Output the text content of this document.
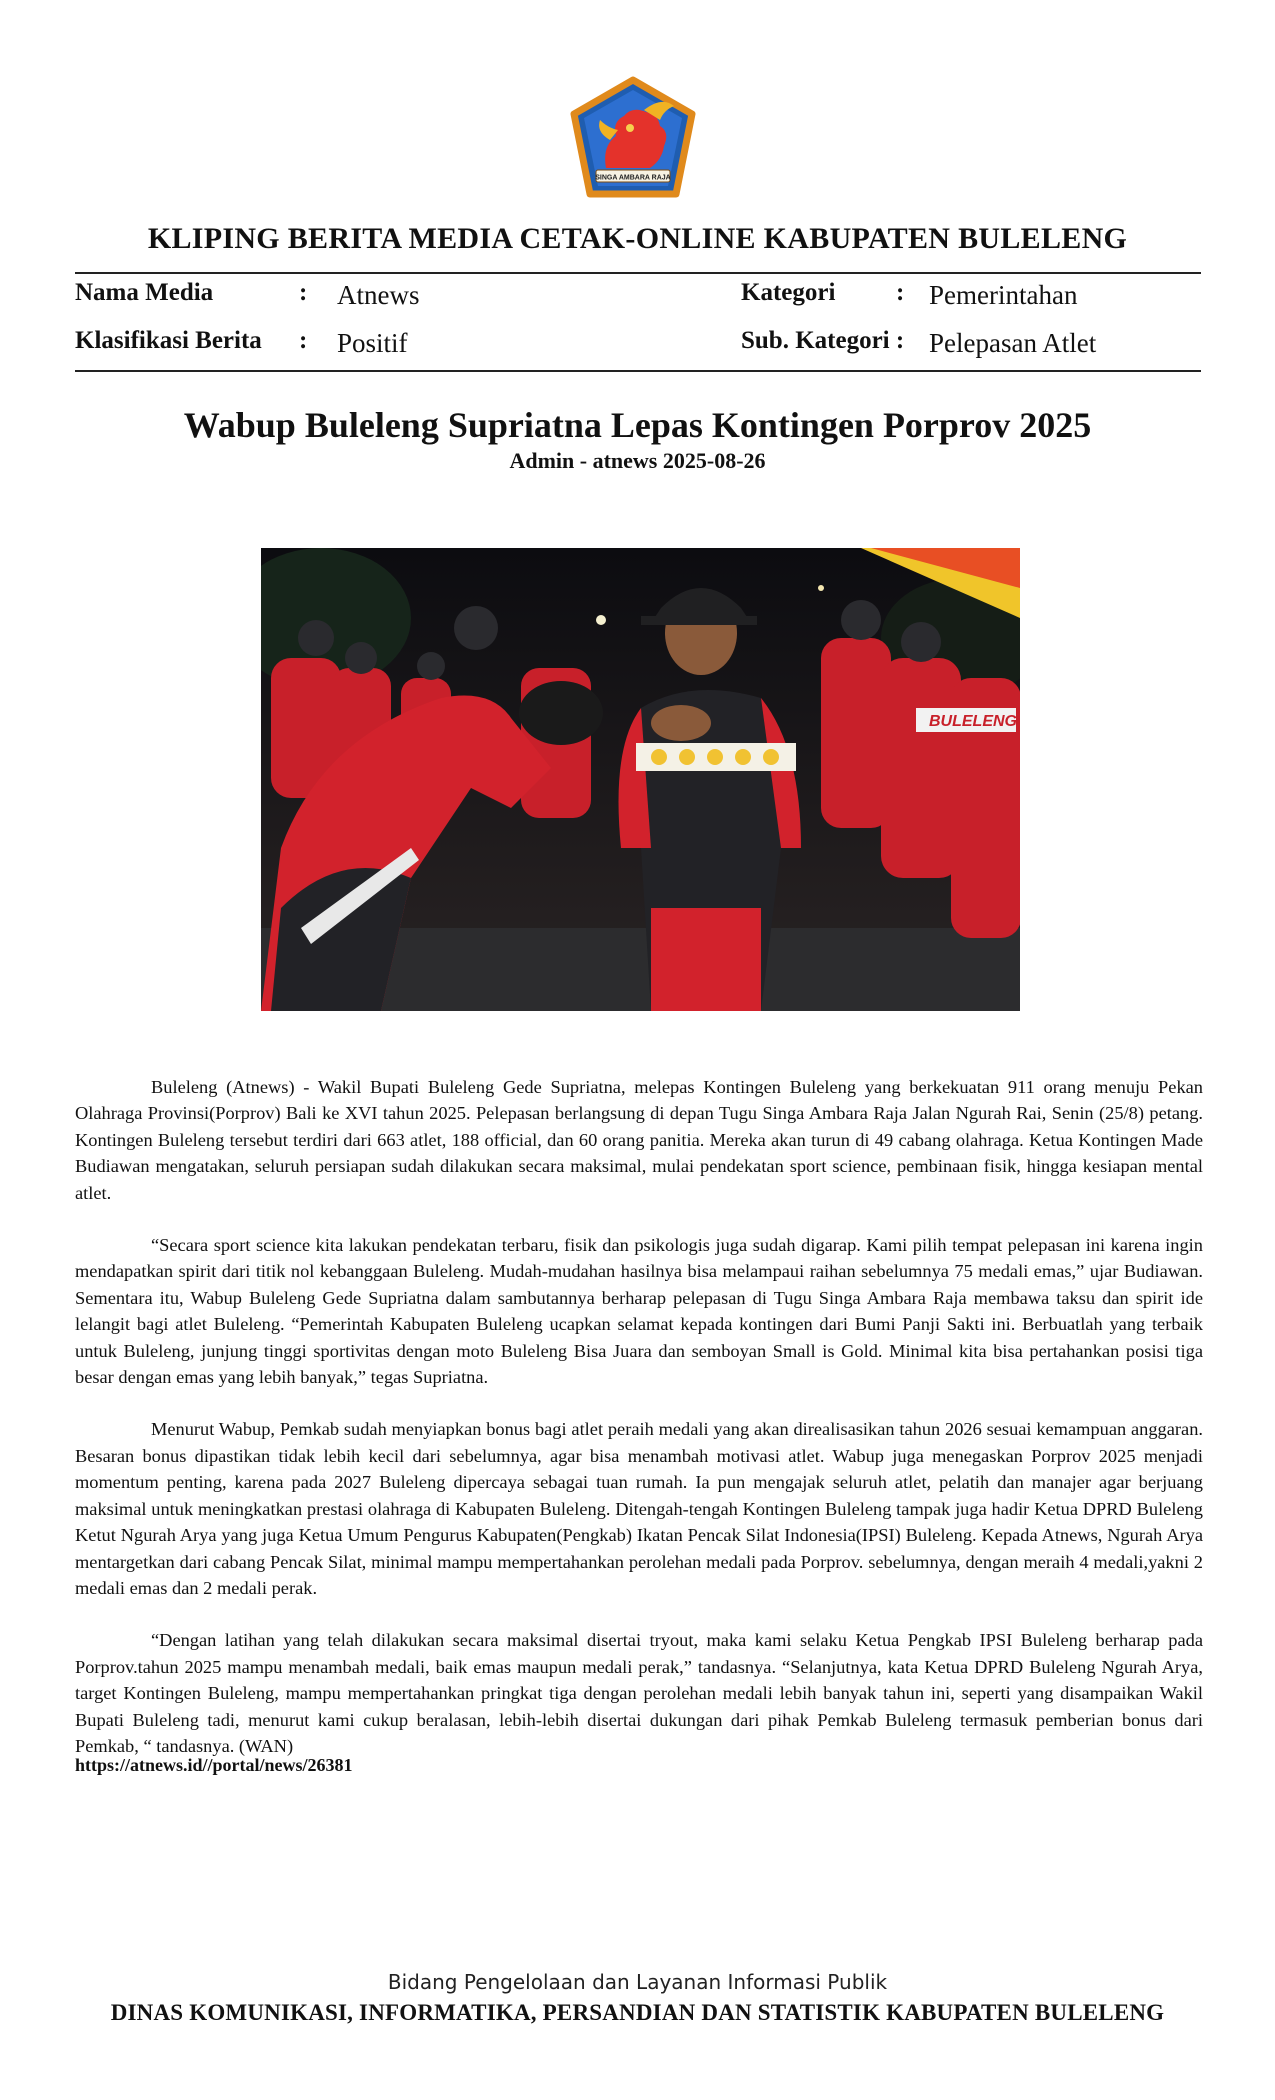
SINGA AMBARA RAJA
KLIPING BERITA MEDIA CETAK-ONLINE KABUPATEN BULELENG
Nama Media	: Atnews	Kategori : Pemerintahan
Klasifikasi Berita : Positif	Sub. Kategori : Pelepasan Atlet
Wabup Buleleng Supriatna Lepas Kontingen Porprov 2025
Admin - atnews 2025-08-26
BULELENG

Buleleng (Atnews) - Wakil Bupati Buleleng Gede Supriatna, melepas Kontingen Buleleng yang berkekuatan 911 orang menuju Pekan Olahraga Provinsi(Porprov) Bali ke XVI tahun 2025. Pelepasan berlangsung di depan Tugu Singa Ambara Raja Jalan Ngurah Rai, Senin (25/8) petang. Kontingen Buleleng tersebut terdiri dari 663 atlet, 188 official, dan 60 orang panitia. Mereka akan turun di 49 cabang olahraga. Ketua Kontingen Made Budiawan mengatakan, seluruh persiapan sudah dilakukan secara maksimal, mulai pendekatan sport science, pembinaan fisik, hingga kesiapan mental atlet.

“Secara sport science kita lakukan pendekatan terbaru, fisik dan psikologis juga sudah digarap. Kami pilih tempat pelepasan ini karena ingin mendapatkan spirit dari titik nol kebanggaan Buleleng. Mudah-mudahan hasilnya bisa melampaui raihan sebelumnya 75 medali emas,” ujar Budiawan. Sementara itu, Wabup Buleleng Gede Supriatna dalam sambutannya berharap pelepasan di Tugu Singa Ambara Raja membawa taksu dan spirit ide lelangit bagi atlet Buleleng. “Pemerintah Kabupaten Buleleng ucapkan selamat kepada kontingen dari Bumi Panji Sakti ini. Berbuatlah yang terbaik untuk Buleleng, junjung tinggi sportivitas dengan moto Buleleng Bisa Juara dan semboyan Small is Gold. Minimal kita bisa pertahankan posisi tiga besar dengan emas yang lebih banyak,” tegas Supriatna.

Menurut Wabup, Pemkab sudah menyiapkan bonus bagi atlet peraih medali yang akan direalisasikan tahun 2026 sesuai kemampuan anggaran. Besaran bonus dipastikan tidak lebih kecil dari sebelumnya, agar bisa menambah motivasi atlet. Wabup juga menegaskan Porprov 2025 menjadi momentum penting, karena pada 2027 Buleleng dipercaya sebagai tuan rumah. Ia pun mengajak seluruh atlet, pelatih dan manajer agar berjuang maksimal untuk meningkatkan prestasi olahraga di Kabupaten Buleleng. Ditengah-tengah Kontingen Buleleng tampak juga hadir Ketua DPRD Buleleng Ketut Ngurah Arya yang juga Ketua Umum Pengurus Kabupaten(Pengkab) Ikatan Pencak Silat Indonesia(IPSI) Buleleng. Kepada Atnews, Ngurah Arya mentargetkan dari cabang Pencak Silat, minimal mampu mempertahankan perolehan medali pada Porprov. sebelumnya, dengan meraih 4 medali,yakni 2 medali emas dan 2 medali perak.

“Dengan latihan yang telah dilakukan secara maksimal disertai tryout, maka kami selaku Ketua Pengkab IPSI Buleleng berharap pada Porprov.tahun 2025 mampu menambah medali, baik emas maupun medali perak,” tandasnya. “Selanjutnya, kata Ketua DPRD Buleleng Ngurah Arya, target Kontingen Buleleng, mampu mempertahankan pringkat tiga dengan perolehan medali lebih banyak tahun ini, seperti yang disampaikan Wakil Bupati Buleleng tadi, menurut kami cukup beralasan, lebih-lebih disertai dukungan dari pihak Pemkab Buleleng termasuk pemberian bonus dari Pemkab, “ tandasnya. (WAN)

https://atnews.id//portal/news/26381
Bidang Pengelolaan dan Layanan Informasi Publik
DINAS KOMUNIKASI, INFORMATIKA, PERSANDIAN DAN STATISTIK KABUPATEN BULELENG
